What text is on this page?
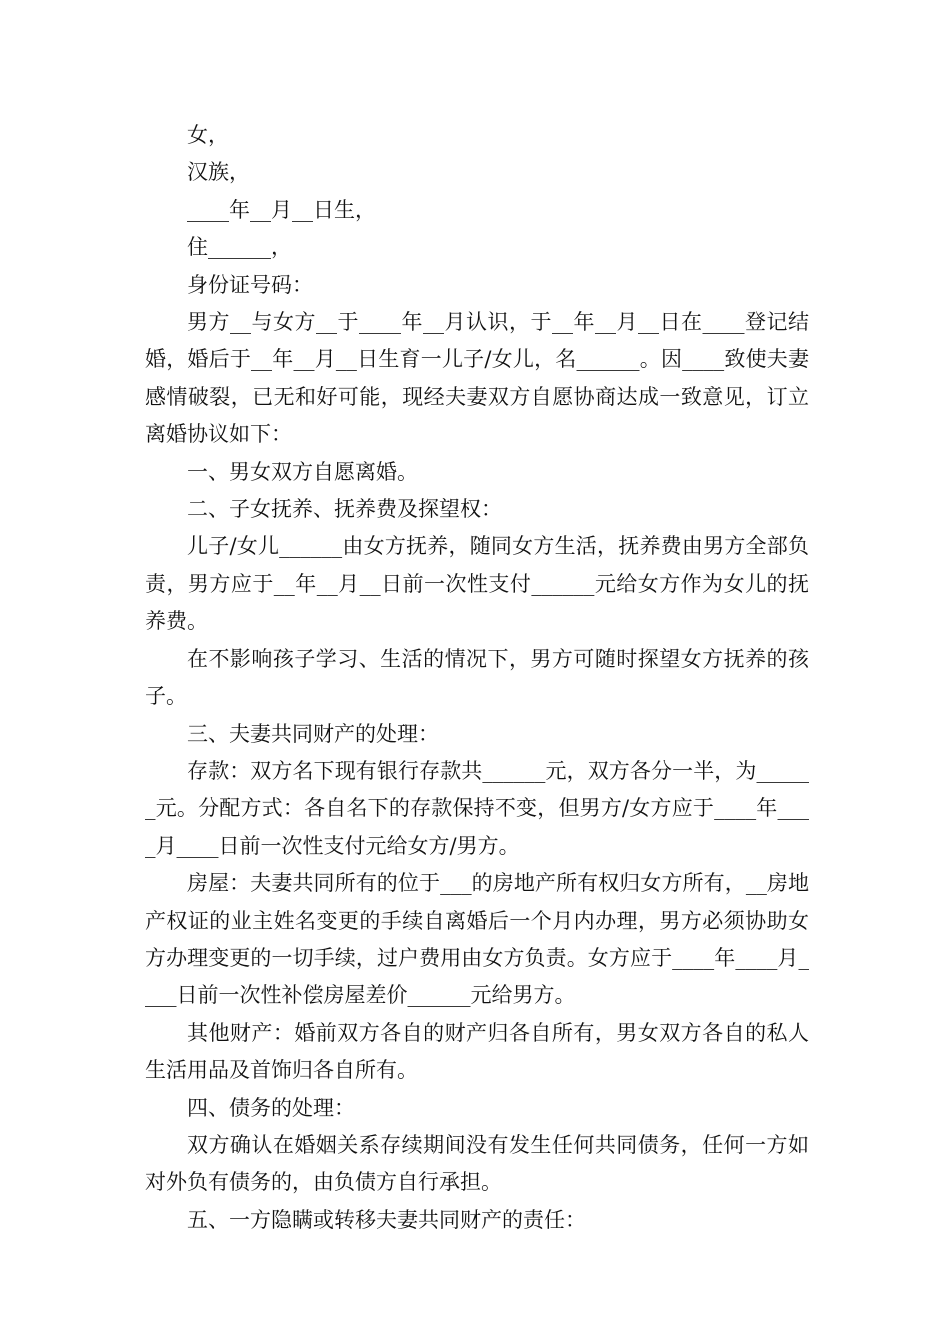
女，

汉族，

____年__月__日生，

住______，

身份证号码：

男方__与女方__于____年__月认识，于__年__月__日在____登记结婚，婚后于__年__月__日生育一儿子/女儿，名______。因____致使夫妻感情破裂，已无和好可能，现经夫妻双方自愿协商达成一致意见，订立离婚协议如下：

一、男女双方自愿离婚。

二、子女抚养、抚养费及探望权：

儿子/女儿______由女方抚养，随同女方生活，抚养费由男方全部负责，男方应于__年__月__日前一次性支付______元给女方作为女儿的抚养费。

在不影响孩子学习、生活的情况下，男方可随时探望女方抚养的孩子。

三、夫妻共同财产的处理：

存款：双方名下现有银行存款共______元，双方各分一半，为______元。分配方式：各自名下的存款保持不变，但男方/女方应于____年____月____日前一次性支付元给女方/男方。

房屋：夫妻共同所有的位于___的房地产所有权归女方所有，__房地产权证的业主姓名变更的手续自离婚后一个月内办理，男方必须协助女方办理变更的一切手续，过户费用由女方负责。女方应于____年____月____日前一次性补偿房屋差价______元给男方。

其他财产：婚前双方各自的财产归各自所有，男女双方各自的私人生活用品及首饰归各自所有。

四、债务的处理：

双方确认在婚姻关系存续期间没有发生任何共同债务，任何一方如对外负有债务的，由负债方自行承担。

五、一方隐瞒或转移夫妻共同财产的责任：
